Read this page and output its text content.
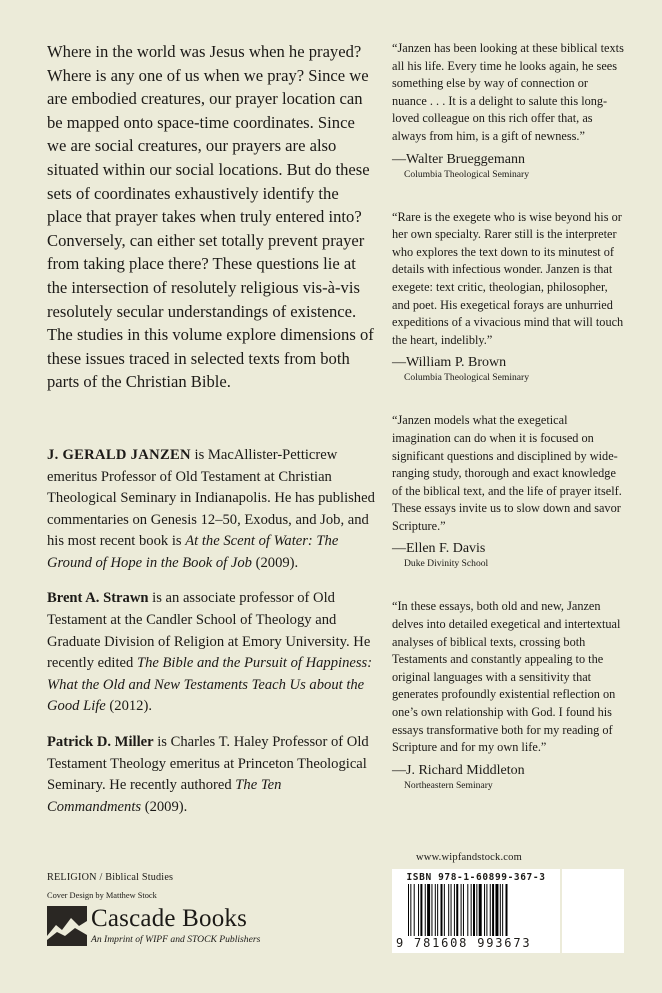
Where in the world was Jesus when he prayed? Where is any one of us when we pray? Since we are embodied creatures, our prayer location can be mapped onto space-time coordinates. Since we are social creatures, our prayers are also situated within our social locations. But do these sets of coordinates exhaustively identify the place that prayer takes when truly entered into? Conversely, can either set totally prevent prayer from taking place there? These questions lie at the intersection of resolutely religious vis-à-vis resolutely secular understandings of existence. The studies in this volume explore dimensions of these issues traced in selected texts from both parts of the Christian Bible.

J. GERALD JANZEN is MacAllister-Petticrew emeritus Professor of Old Testament at Christian Theological Seminary in Indianapolis. He has published commentaries on Genesis 12–50, Exodus, and Job, and his most recent book is At the Scent of Water: The Ground of Hope in the Book of Job (2009).

Brent A. Strawn is an associate professor of Old Testament at the Candler School of Theology and Graduate Division of Religion at Emory University. He recently edited The Bible and the Pursuit of Happiness: What the Old and New Testaments Teach Us about the Good Life (2012).

Patrick D. Miller is Charles T. Haley Professor of Old Testament Theology emeritus at Princeton Theological Seminary. He recently authored The Ten Commandments (2009).

“Janzen has been looking at these biblical texts all his life. Every time he looks again, he sees something else by way of connection or nuance . . . It is a delight to salute this long-loved colleague on this rich offer that, as always from him, is a gift of newness.”

—Walter Brueggemann

Columbia Theological Seminary

“Rare is the exegete who is wise beyond his or her own specialty. Rarer still is the interpreter who explores the text down to its minutest of details with infectious wonder. Janzen is that exegete: text critic, theologian, philosopher, and poet. His exegetical forays are unhurried expeditions of a vivacious mind that will touch the heart, indelibly.”

—William P. Brown

Columbia Theological Seminary

“Janzen models what the exegetical imagination can do when it is focused on significant questions and disciplined by wide-ranging study, thorough and exact knowledge of the biblical text, and the life of prayer itself. These essays invite us to slow down and savor Scripture.”

—Ellen F. Davis

Duke Divinity School

“In these essays, both old and new, Janzen delves into detailed exegetical and intertextual analyses of biblical texts, crossing both Testaments and constantly appealing to the original languages with a sensitivity that generates profoundly existential reflection on one’s own relationship with God. I found his essays transformative both for my reading of Scripture and for my own life.”

—J. Richard Middleton

Northeastern Seminary

RELIGION / Biblical Studies

Cover Design by Matthew Stock

Cascade Books

An Imprint of WIPF and STOCK Publishers

www.wipfandstock.com

ISBN 978-1-60899-367-3
9 781608 993673
